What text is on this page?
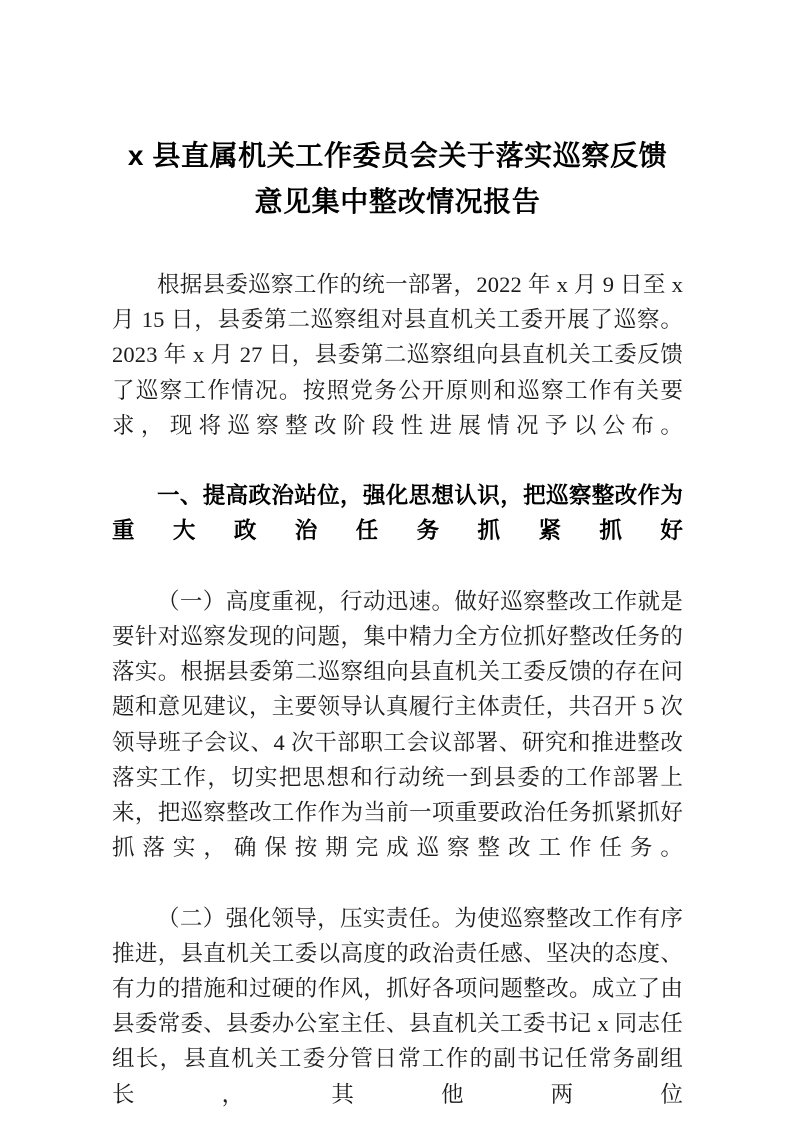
x 县直属机关工作委员会关于落实巡察反馈
意见集中整改情况报告

根据县委巡察工作的统一部署，2022 年 x 月 9 日至 x 月 15 日，县委第二巡察组对县直机关工委开展了巡察。2023 年 x 月 27 日，县委第二巡察组向县直机关工委反馈了巡察工作情况。按照党务公开原则和巡察工作有关要求，现将巡察整改阶段性进展情况予以公布。

一、提高政治站位，强化思想认识，把巡察整改作为重大政治任务抓紧抓好

（一）高度重视，行动迅速。做好巡察整改工作就是要针对巡察发现的问题，集中精力全方位抓好整改任务的落实。根据县委第二巡察组向县直机关工委反馈的存在问题和意见建议，主要领导认真履行主体责任，共召开 5 次领导班子会议、4 次干部职工会议部署、研究和推进整改落实工作，切实把思想和行动统一到县委的工作部署上来，把巡察整改工作作为当前一项重要政治任务抓紧抓好抓落实，确保按期完成巡察整改工作任务。

（二）强化领导，压实责任。为使巡察整改工作有序推进，县直机关工委以高度的政治责任感、坚决的态度、有力的措施和过硬的作风，抓好各项问题整改。成立了由县委常委、县委办公室主任、县直机关工委书记 x 同志任组长，县直机关工委分管日常工作的副书记任常务副组长，其他两位
